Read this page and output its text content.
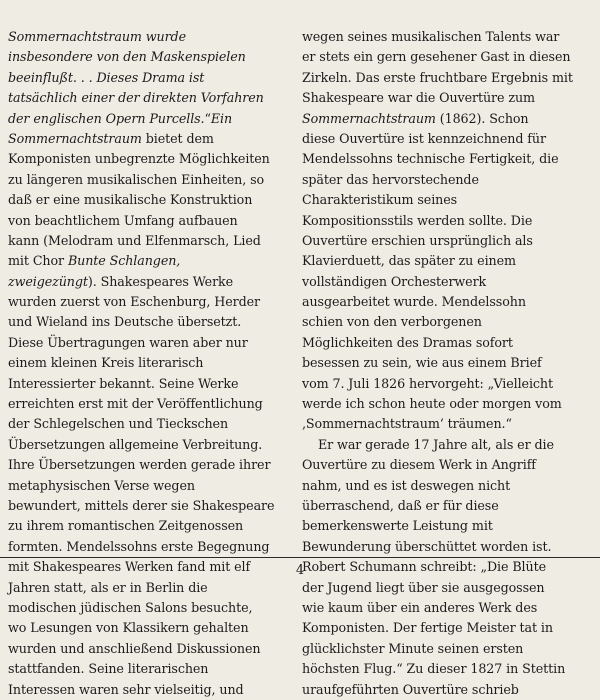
Sommernachtstraum wurde
insbesondere von den Maskenspielen
beeinflußt. . . Dieses Drama ist
tatsächlich einer der direkten Vorfahren
der englischen Opern Purcells.“Ein
Sommernachtstraum bietet dem
Komponisten unbegrenzte Möglichkeiten
zu längeren musikalischen Einheiten, so
daß er eine musikalische Konstruktion
von beachtlichem Umfang aufbauen
kann (Melodram und Elfenmarsch, Lied
mit Chor Bunte Schlangen,
zweigezüngt). Shakespeares Werke
wurden zuerst von Eschenburg, Herder
und Wieland ins Deutsche übersetzt.
Diese Übertragungen waren aber nur
einem kleinen Kreis literarisch
Interessierter bekannt. Seine Werke
erreichten erst mit der Veröffentlichung
der Schlegelschen und Tieckschen
Übersetzungen allgemeine Verbreitung.
Ihre Übersetzungen werden gerade ihrer
metaphysischen Verse wegen
bewundert, mittels derer sie Shakespeare
zu ihrem romantischen Zeitgenossen
formten. Mendelssohns erste Begegnung
mit Shakespeares Werken fand mit elf
Jahren statt, als er in Berlin die
modischen jüdischen Salons besuchte,
wo Lesungen von Klassikern gehalten
wurden und anschließend Diskussionen
stattfanden. Seine literarischen
Interessen waren sehr vielseitig, und
wegen seines musikalischen Talents war
er stets ein gern gesehener Gast in diesen
Zirkeln. Das erste fruchtbare Ergebnis mit
Shakespeare war die Ouvertüre zum
Sommernachtstraum (1862). Schon
diese Ouvertüre ist kennzeichnend für
Mendelssohns technische Fertigkeit, die
später das hervorstechende
Charakteristikum seines
Kompositionsstils werden sollte. Die
Ouvertüre erschien ursprünglich als
Klavierduett, das später zu einem
vollständigen Orchesterwerk
ausgearbeitet wurde. Mendelssohn
schien von den verborgenen
Möglichkeiten des Dramas sofort
besessen zu sein, wie aus einem Brief
vom 7. Juli 1826 hervorgeht: „Vielleicht
werde ich schon heute oder morgen vom
‚Sommernachtstraum‘ träumen.“
Er war gerade 17 Jahre alt, als er die
Ouvertüre zu diesem Werk in Angriff
nahm, und es ist deswegen nicht
überraschend, daß er für diese
bemerkenswerte Leistung mit
Bewunderung überschüttet worden ist.
Robert Schumann schreibt: „Die Blüte
der Jugend liegt über sie ausgegossen
wie kaum über ein anderes Werk des
Komponisten. Der fertige Meister tat in
glücklichster Minute seinen ersten
höchsten Flug.“ Zu dieser 1827 in Stettin
uraufgeführten Ouvertüre schrieb
4
